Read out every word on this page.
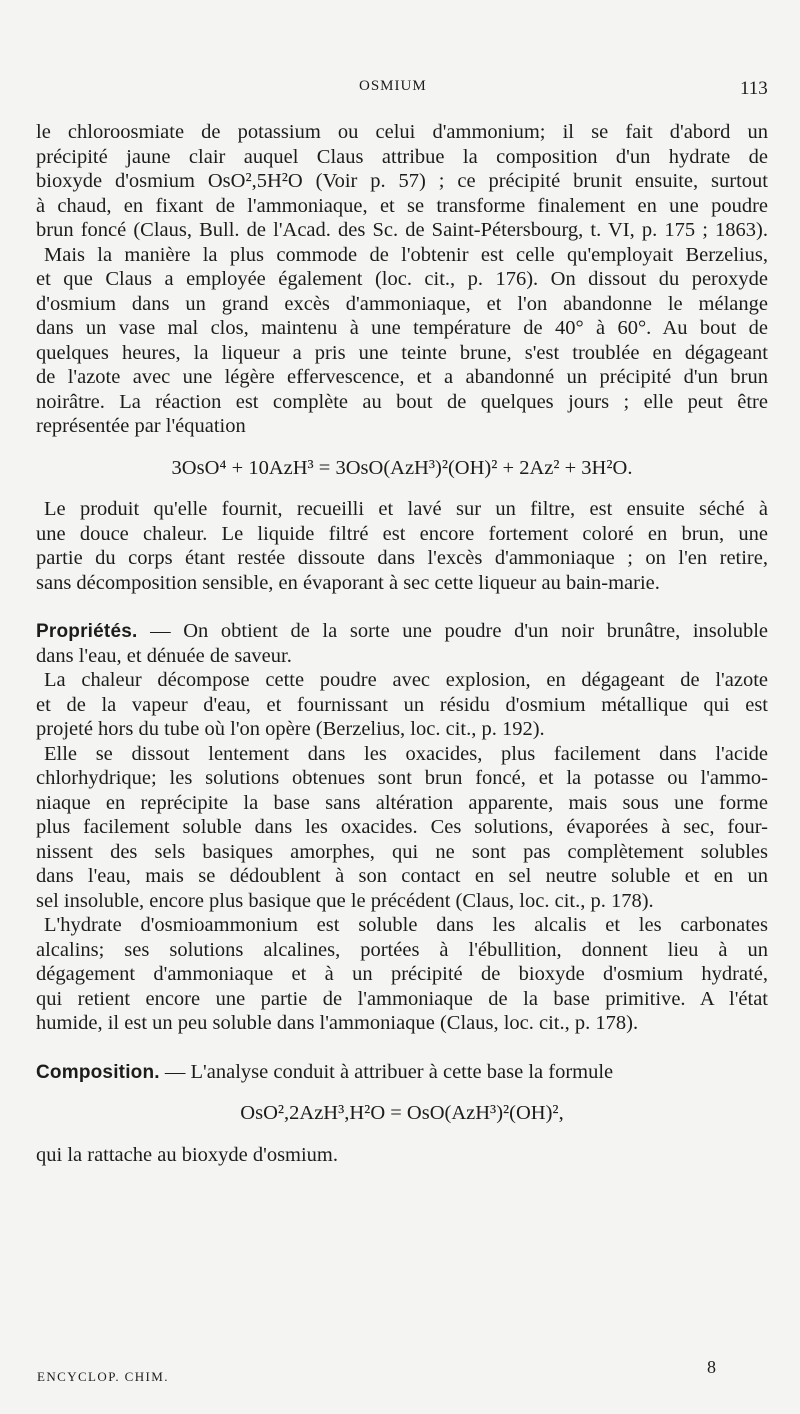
OSMIUM	113
le chloroosmiate de potassium ou celui d'ammonium; il se fait d'abord un
précipité jaune clair auquel Claus attribue la composition d'un hydrate de
bioxyde d'osmium OsO²,5H²O (Voir p. 57) ; ce précipité brunit ensuite, surtout
à chaud, en fixant de l'ammoniaque, et se transforme finalement en une poudre
brun foncé (Claus, Bull. de l'Acad. des Sc. de Saint-Pétersbourg, t. VI, p. 175 ; 1863).
Mais la manière la plus commode de l'obtenir est celle qu'employait Berzelius,
et que Claus a employée également (loc. cit., p. 176). On dissout du peroxyde
d'osmium dans un grand excès d'ammoniaque, et l'on abandonne le mélange
dans un vase mal clos, maintenu à une température de 40° à 60°. Au bout de
quelques heures, la liqueur a pris une teinte brune, s'est troublée en dégageant
de l'azote avec une légère effervescence, et a abandonné un précipité d'un brun
noirâtre. La réaction est complète au bout de quelques jours ; elle peut être
représentée par l'équation
3OsO⁴ + 10AzH³ = 3OsO(AzH³)²(OH)² + 2Az² + 3H²O.
Le produit qu'elle fournit, recueilli et lavé sur un filtre, est ensuite séché à
une douce chaleur. Le liquide filtré est encore fortement coloré en brun, une
partie du corps étant restée dissoute dans l'excès d'ammoniaque ; on l'en retire,
sans décomposition sensible, en évaporant à sec cette liqueur au bain-marie.
Propriétés. — On obtient de la sorte une poudre d'un noir brunâtre, insoluble
dans l'eau, et dénuée de saveur.
La chaleur décompose cette poudre avec explosion, en dégageant de l'azote
et de la vapeur d'eau, et fournissant un résidu d'osmium métallique qui est
projeté hors du tube où l'on opère (Berzelius, loc. cit., p. 192).
Elle se dissout lentement dans les oxacides, plus facilement dans l'acide
chlorhydrique; les solutions obtenues sont brun foncé, et la potasse ou l'ammo-
niaque en reprécipite la base sans altération apparente, mais sous une forme
plus facilement soluble dans les oxacides. Ces solutions, évaporées à sec, four-
nissent des sels basiques amorphes, qui ne sont pas complètement solubles
dans l'eau, mais se dédoublent à son contact en sel neutre soluble et en un
sel insoluble, encore plus basique que le précédent (Claus, loc. cit., p. 178).
L'hydrate d'osmioammonium est soluble dans les alcalis et les carbonates
alcalins; ses solutions alcalines, portées à l'ébullition, donnent lieu à un
dégagement d'ammoniaque et à un précipité de bioxyde d'osmium hydraté,
qui retient encore une partie de l'ammoniaque de la base primitive. A l'état
humide, il est un peu soluble dans l'ammoniaque (Claus, loc. cit., p. 178).
Composition. — L'analyse conduit à attribuer à cette base la formule
OsO²,2AzH³,H²O = OsO(AzH³)²(OH)²,
qui la rattache au bioxyde d'osmium.
ENCYCLOP. CHIM.	8
